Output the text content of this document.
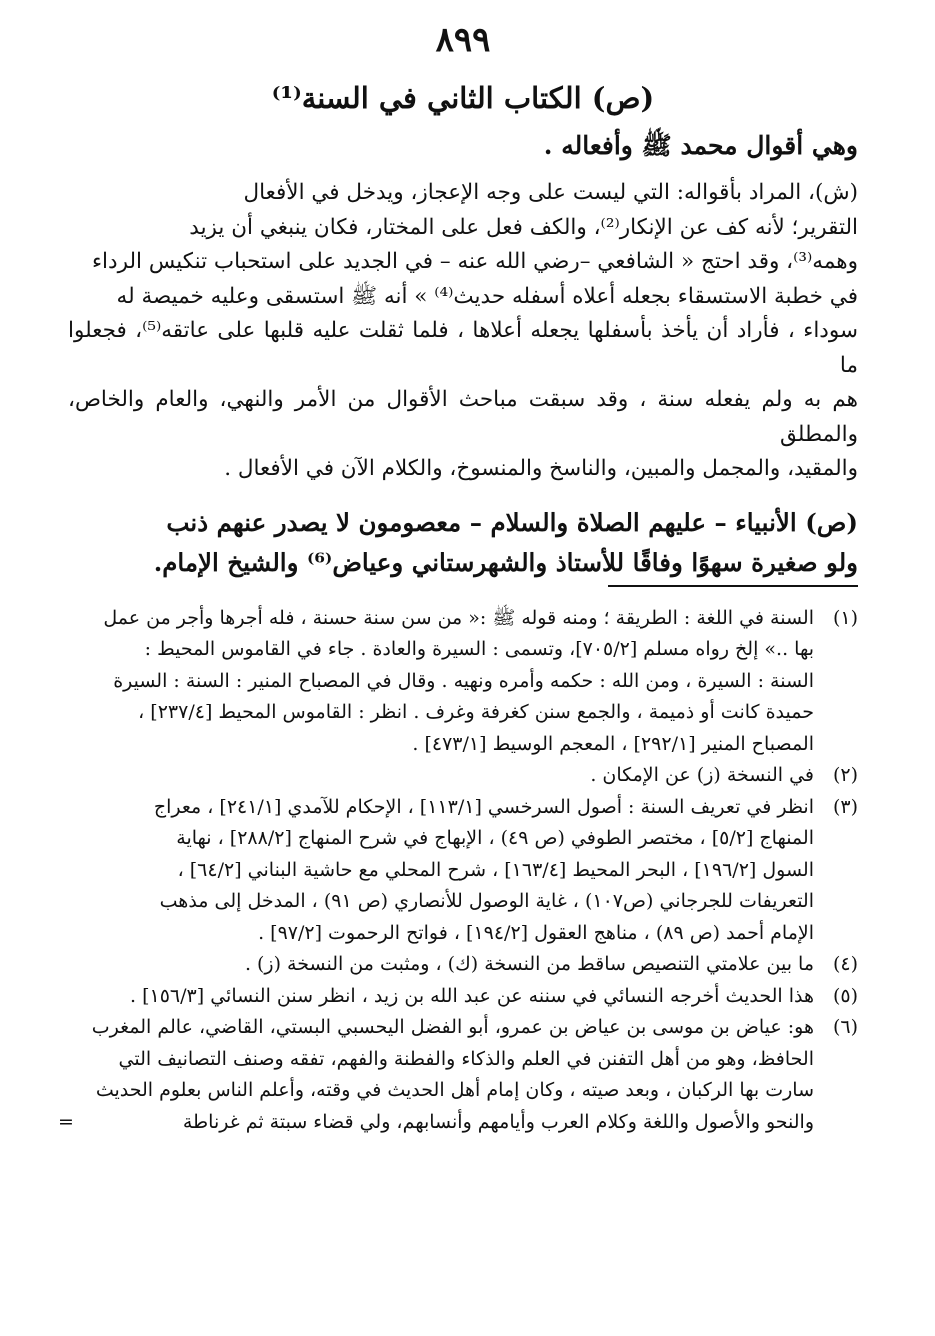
٨٩٩
(ص) الكتاب الثاني في السنة⁽¹⁾
وهي أقوال محمد ﷺ وأفعاله .
(ش)، المراد بأقواله: التي ليست على وجه الإعجاز، ويدخل في الأفعال
التقرير؛ لأنه كف عن الإنكار⁽²⁾، والكف فعل على المختار، فكان ينبغي أن يزيد
وهمه⁽³⁾، وقد احتج « الشافعي –رضي الله عنه – في الجديد على استحباب تنكيس الرداء
في خطبة الاستسقاء بجعله أعلاه أسفله حديث⁽⁴⁾ » أنه ﷺ استسقى وعليه خميصة له
سوداء ، فأراد أن يأخذ بأسفلها يجعله أعلاها ، فلما ثقلت عليه قلبها على عاتقه⁽⁵⁾، فجعلوا ما
هم به ولم يفعله سنة ، وقد سبقت مباحث الأقوال من الأمر والنهي، والعام والخاص، والمطلق
والمقيد، والمجمل والمبين، والناسخ والمنسوخ، والكلام الآن في الأفعال .
(ص) الأنبياء – عليهم الصلاة والسلام – معصومون لا يصدر عنهم ذنب
ولو صغيرة سهوًا وفاقًا للأستاذ والشهرستاني وعياض⁽⁶⁾ والشيخ الإمام.
(١)
السنة في اللغة : الطريقة ؛ ومنه قوله ﷺ :« من سن سنة حسنة ، فله أجرها وأجر من عمل
بها ..» إلخ رواه مسلم [٧٠٥/٢]، وتسمى : السيرة والعادة . جاء في القاموس المحيط :
السنة : السيرة ، ومن الله : حكمه وأمره ونهيه . وقال في المصباح المنير : السنة : السيرة
حميدة كانت أو ذميمة ، والجمع سنن كغرفة وغرف . انظر : القاموس المحيط [٢٣٧/٤] ،
المصباح المنير [٢٩٢/١] ، المعجم الوسيط [٤٧٣/١] .
(٢)
في النسخة (ز) عن الإمكان .
(٣)
انظر في تعريف السنة : أصول السرخسي [١١٣/١] ، الإحكام للآمدي [٢٤١/١] ، معراج
المنهاج [٥/٢] ، مختصر الطوفي (ص ٤٩) ، الإبهاج في شرح المنهاج [٢٨٨/٢] ، نهاية
السول [١٩٦/٢] ، البحر المحيط [١٦٣/٤] ، شرح المحلي مع حاشية البناني [٦٤/٢] ،
التعريفات للجرجاني (ص١٠٧) ، غاية الوصول للأنصاري (ص ٩١) ، المدخل إلى مذهب
الإمام أحمد (ص ٨٩) ، مناهج العقول [١٩٤/٢] ، فواتح الرحموت [٩٧/٢] .
(٤)
ما بين علامتي التنصيص ساقط من النسخة (ك) ، ومثبت من النسخة (ز) .
(٥)
هذا الحديث أخرجه النسائي في سننه عن عبد الله بن زيد ، انظر سنن النسائي [١٥٦/٣] .
(٦)
هو: عياض بن موسى بن عياض بن عمرو، أبو الفضل اليحسبي البستي، القاضي، عالم المغرب
الحافظ، وهو من أهل التفنن في العلم والذكاء والفطنة والفهم، تفقه وصنف التصانيف التي
سارت بها الركبان ، وبعد صيته ، وكان إمام أهل الحديث في وقته، وأعلم الناس بعلوم الحديث
والنحو والأصول واللغة وكلام العرب وأيامهم وأنسابهم، ولي قضاء سبتة ثم غرناطة
=
